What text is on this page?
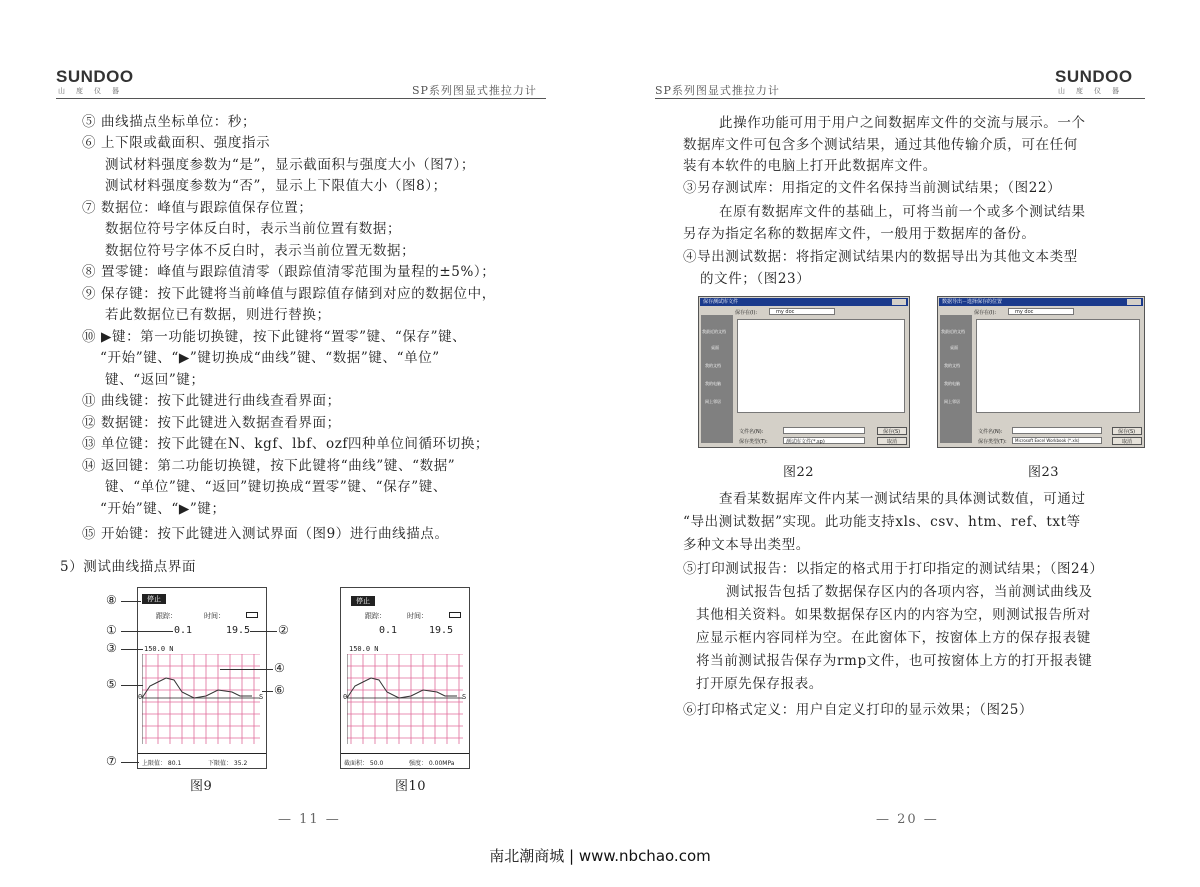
SUNDOO
山度仪器	SP系列图显式推拉力计
⑤ 曲线描点坐标单位：秒；
⑥ 上下限或截面积、强度指示
测试材料强度参数为“是”，显示截面积与强度大小（图7）；
测试材料强度参数为“否”，显示上下限值大小（图8）；
⑦ 数据位：峰值与跟踪值保存位置；
数据位符号字体反白时，表示当前位置有数据；
数据位符号字体不反白时，表示当前位置无数据；
⑧ 置零键：峰值与跟踪值清零（跟踪值清零范围为量程的±5%）；
⑨ 保存键：按下此键将当前峰值与跟踪值存储到对应的数据位中，
若此数据位已有数据，则进行替换；
⑩ ▶键：第一功能切换键，按下此键将“置零”键、“保存”键、
“开始”键、“▶”键切换成“曲线”键、“数据”键、“单位”
键、“返回”键；
⑪ 曲线键：按下此键进行曲线查看界面；
⑫ 数据键：按下此键进入数据查看界面；
⑬ 单位键：按下此键在N、kgf、lbf、ozf四种单位间循环切换；
⑭ 返回键：第二功能切换键，按下此键将“曲线”键、“数据”
键、“单位”键、“返回”键切换成“置零”键、“保存”键、
“开始”键、“▶”键；
⑮ 开始键：按下此键进入测试界面（图9）进行曲线描点。
5）测试曲线描点界面
停止
跟踪：	时间：
0.1	19.5
150.0 N
0	S
上限值： 80.1	下限值： 35.2
⑧
①	②
③
④
⑤	⑥
⑦
图9
停止
跟踪：	时间：
0.1	19.5
150.0 N
0	S
截面积： 50.0	强度： 0.00MPa
图10
— 11 —
SP系列图显式推拉力计
SUNDOO
山度仪器
此操作功能可用于用户之间数据库文件的交流与展示。一个
数据库文件可包含多个测试结果，通过其他传输介质，可在任何
装有本软件的电脑上打开此数据库文件。
③另存测试库：用指定的文件名保持当前测试结果；（图22）
在原有数据库文件的基础上，可将当前一个或多个测试结果
另存为指定名称的数据库文件，一般用于数据库的备份。
④导出测试数据：将指定测试结果内的数据导出为其他文本类型
的文件；（图23）
保存测试库文件
保存在(I):	my doc
我最近的文档
桌面
我的文档
我的电脑
网上邻居
文件名(N):
保存类型(T):	测试库文件(*.sp)
保存(S)
取消
图22
数据导出－选择保存的位置
保存在(I):	my doc
我最近的文档
桌面
我的文档
我的电脑
网上邻居
文件名(N):
保存类型(T): Microsoft Excel Workbook (*.xls)
保存(S)
取消
图23
查看某数据库文件内某一测试结果的具体测试数值，可通过
“导出测试数据”实现。此功能支持xls、csv、htm、ref、txt等
多种文本导出类型。
⑤打印测试报告：以指定的格式用于打印指定的测试结果；（图24）
测试报告包括了数据保存区内的各项内容，当前测试曲线及
其他相关资料。如果数据保存区内的内容为空，则测试报告所对
应显示框内容同样为空。在此窗体下，按窗体上方的保存报表键
将当前测试报告保存为rmp文件，也可按窗体上方的打开报表键
打开原先保存报表。
⑥打印格式定义：用户自定义打印的显示效果；（图25）
— 20 —
南北潮商城 | www.nbchao.com
